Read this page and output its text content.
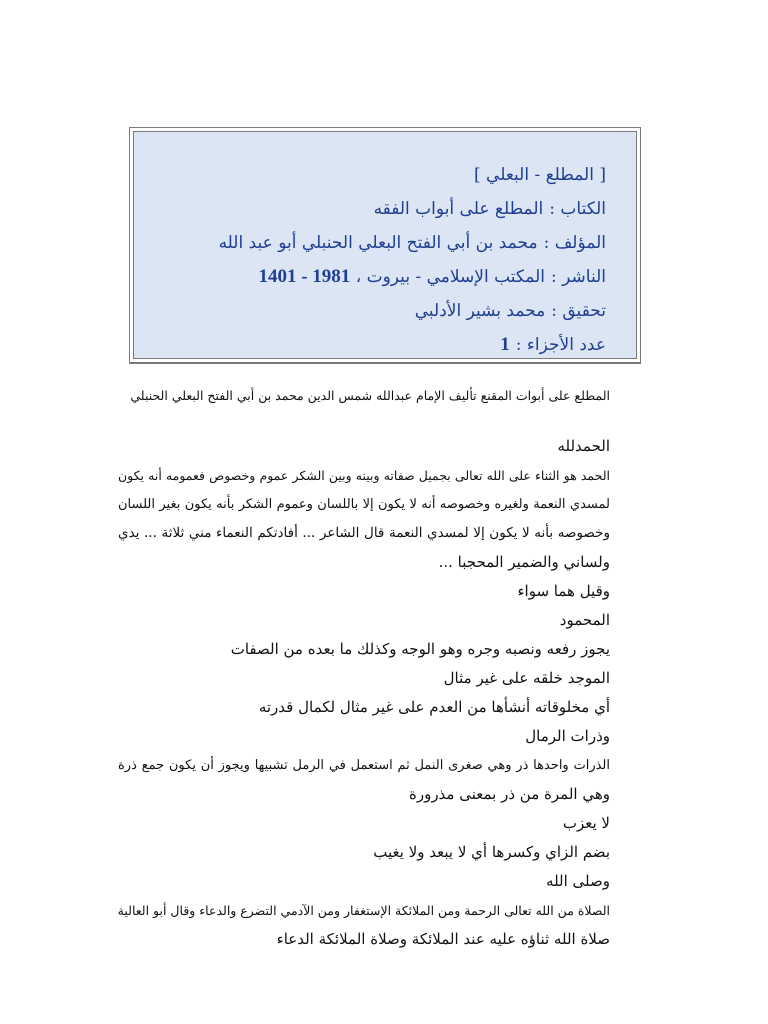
[ المطلع - البعلي ]
الكتاب :المطلع على أبواب الفقه
المؤلف :محمد بن أبي الفتح البعلي الحنبلي أبو عبد الله
الناشر :المكتب الإسلامي - بيروت ، 1401 - 1981
تحقيق :محمد بشير الأدلبي
عدد الأجزاء :1
المطلع على أبوات المقنع تأليف الإمام عبدالله شمس الدين محمد بن أبي الفتح البعلي الحنبلي
الحمدلله
الحمد هو الثناء على الله تعالى بجميل صفاته وبينه وبين الشكر عموم وخصوص فعمومه أنه يكون
لمسدي النعمة ولغيره وخصوصه أنه لا يكون إلا باللسان وعموم الشكر بأنه يكون بغير اللسان
وخصوصه بأنه لا يكون إلا لمسدي النعمة قال الشاعر ... أفادتكم النعماء مني ثلاثة ... يدي
ولساني والضمير المحجبا ...
وقيل هما سواء
المحمود
يجوز رفعه ونصبه وجره وهو الوجه وكذلك ما بعده من الصفات
الموجد خلقه على غير مثال
أي مخلوقاته أنشأها من العدم على غير مثال لكمال قدرته
وذرات الرمال
الذرات واحدها ذر وهي صغرى النمل ثم استعمل في الرمل تشبيها ويجوز أن يكون جمع ذرة
وهي المرة من ذر بمعنى مذرورة
لا يعزب
بضم الزاي وكسرها أي لا يبعد ولا يغيب
وصلى الله
الصلاة من الله تعالى الرحمة ومن الملائكة الإستغفار ومن الآدمي التضرع والدعاء وقال أبو العالية
صلاة الله ثناؤه عليه عند الملائكة وصلاة الملائكة الدعاء
